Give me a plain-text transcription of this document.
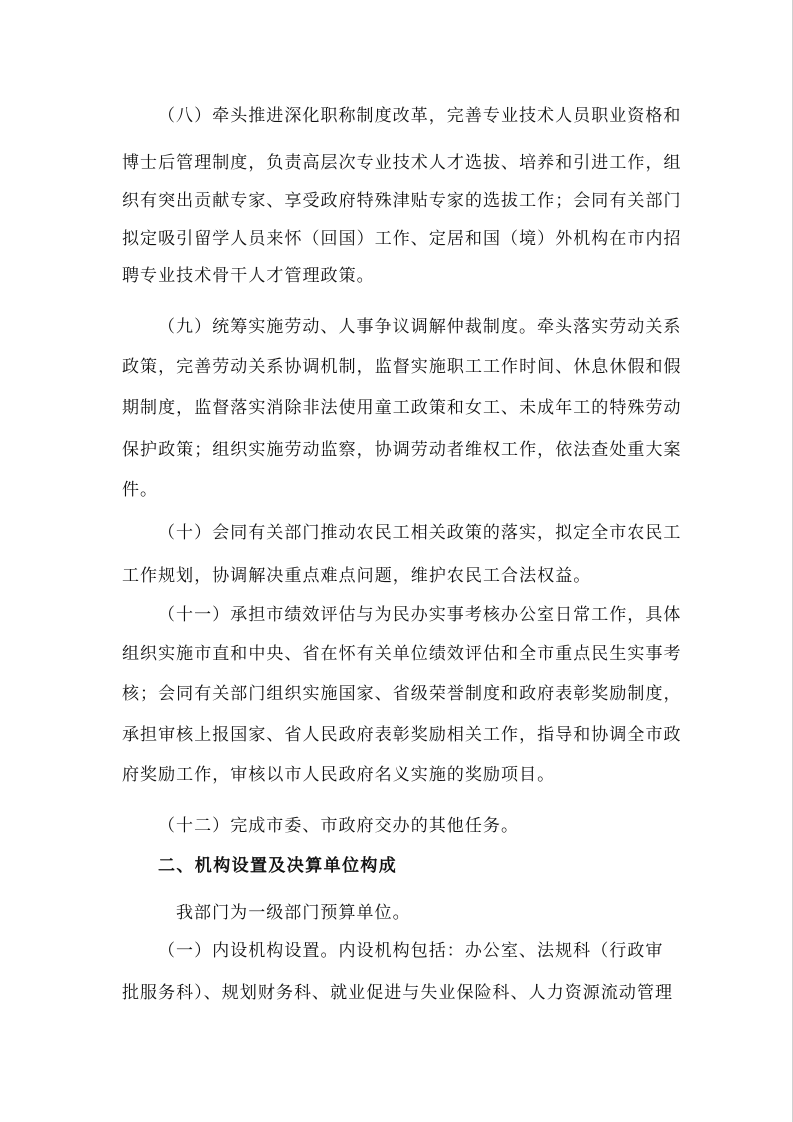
（八）牵头推进深化职称制度改革，完善专业技术人员职业资格和
博士后管理制度，负责高层次专业技术人才选拔、培养和引进工作，组
织有突出贡献专家、享受政府特殊津贴专家的选拔工作；会同有关部门
拟定吸引留学人员来怀（回国）工作、定居和国（境）外机构在市内招
聘专业技术骨干人才管理政策。
（九）统筹实施劳动、人事争议调解仲裁制度。牵头落实劳动关系
政策，完善劳动关系协调机制，监督实施职工工作时间、休息休假和假
期制度，监督落实消除非法使用童工政策和女工、未成年工的特殊劳动
保护政策；组织实施劳动监察，协调劳动者维权工作，依法查处重大案
件。
（十）会同有关部门推动农民工相关政策的落实，拟定全市农民工
工作规划，协调解决重点难点问题，维护农民工合法权益。
（十一）承担市绩效评估与为民办实事考核办公室日常工作，具体
组织实施市直和中央、省在怀有关单位绩效评估和全市重点民生实事考
核；会同有关部门组织实施国家、省级荣誉制度和政府表彰奖励制度，
承担审核上报国家、省人民政府表彰奖励相关工作，指导和协调全市政
府奖励工作，审核以市人民政府名义实施的奖励项目。
（十二）完成市委、市政府交办的其他任务。
二、机构设置及决算单位构成
我部门为一级部门预算单位。
（一）内设机构设置。内设机构包括：办公室、法规科（行政审
批服务科）、规划财务科、就业促进与失业保险科、人力资源流动管理
